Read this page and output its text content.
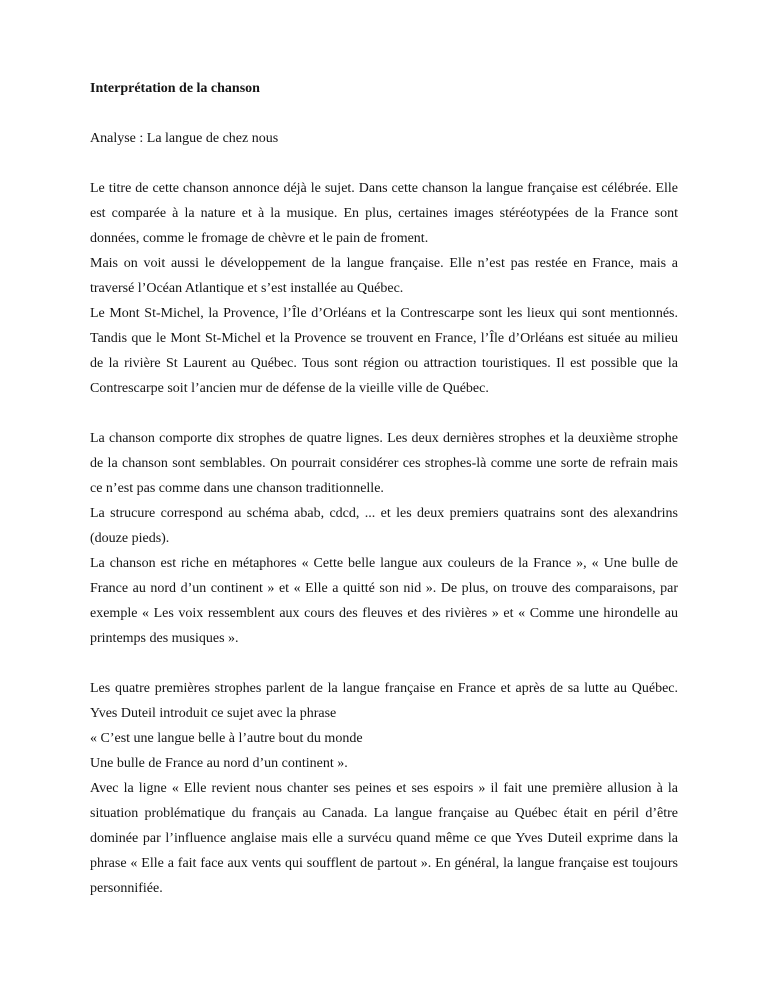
Interprétation de la chanson

Analyse : La langue de chez nous

Le titre de cette chanson annonce déjà le sujet. Dans cette chanson la langue française est célébrée. Elle est comparée à la nature et à la musique. En plus, certaines images stéréotypées de la France sont données, comme le fromage de chèvre et le pain de froment.

Mais on voit aussi le développement de la langue française. Elle n’est pas restée en France, mais a traversé l’Océan Atlantique et s’est installée au Québec.

Le Mont St-Michel, la Provence, l’Île d’Orléans et la Contrescarpe sont les lieux qui sont mentionnés. Tandis que le Mont St-Michel et la Provence se trouvent en France, l’Île d’Orléans est située au milieu de la rivière St Laurent au Québec. Tous sont région ou attraction touristiques. Il est possible que la Contrescarpe soit l’ancien mur de défense de la vieille ville de Québec.

La chanson comporte dix strophes de quatre lignes. Les deux dernières strophes et la deuxième strophe de la chanson sont semblables. On pourrait considérer ces strophes-là comme une sorte de refrain mais ce n’est pas comme dans une chanson traditionnelle.

La strucure correspond au schéma abab, cdcd, ... et les deux premiers quatrains sont des alexandrins (douze pieds).

La chanson est riche en métaphores « Cette belle langue aux couleurs de la France », « Une bulle de France au nord d’un continent » et « Elle a quitté son nid ». De plus, on trouve des comparaisons, par exemple « Les voix ressemblent aux cours des fleuves et des rivières » et « Comme une hirondelle au printemps des musiques ».

Les quatre premières strophes parlent de la langue française en France et après de sa lutte au Québec. Yves Duteil introduit ce sujet avec la phrase

« C’est une langue belle à l’autre bout du monde

Une bulle de France au nord d’un continent ».

Avec la ligne « Elle revient nous chanter ses peines et ses espoirs » il fait une première allusion à la situation problématique du français au Canada. La langue française au Québec était en péril d’être dominée par l’influence anglaise mais elle a survécu quand même ce que Yves Duteil exprime dans la phrase « Elle a fait face aux vents qui soufflent de partout ». En général, la langue française est toujours personnifiée.
